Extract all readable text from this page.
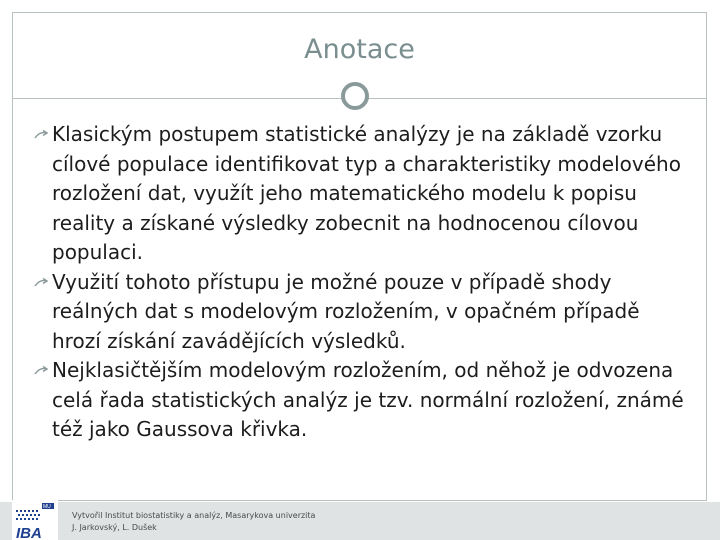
Anotace
Klasickým postupem statistické analýzy je na základě vzorku cílové populace identifikovat typ a charakteristiky modelového rozložení dat, využít jeho matematického modelu k popisu reality a získané výsledky zobecnit na hodnocenou cílovou populaci.
Využití tohoto přístupu je možné pouze v případě shody reálných dat s modelovým rozložením, v opačném případě hrozí získání zavádějících výsledků.
Nejklasičtějším modelovým rozložením, od něhož je odvozena celá řada statistických analýz je tzv. normální rozložení, známé též jako Gaussova křivka.
Vytvořil Institut biostatistiky a analýz, Masarykova univerzita
J. Jarkovský, L. Dušek
MU
IBA
